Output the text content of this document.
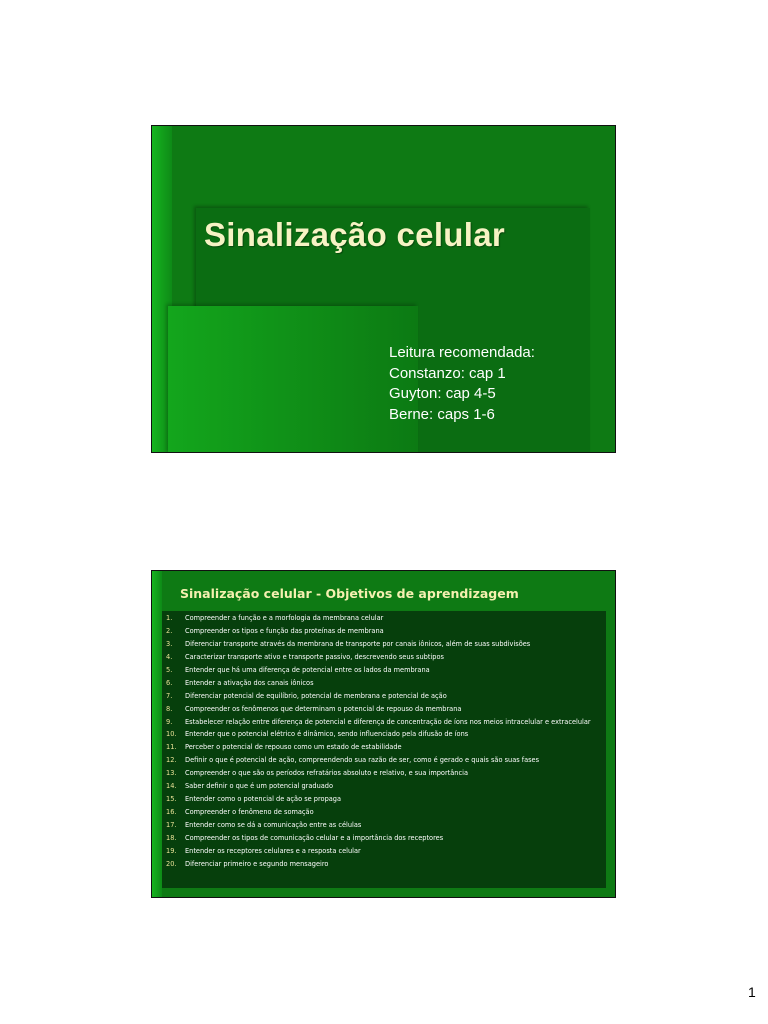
Sinalização celular
Leitura recomendada:
Constanzo: cap 1
Guyton: cap 4-5
Berne: caps 1-6
Sinalização celular - Objetivos de aprendizagem
1.	Compreender a função e a morfologia da membrana celular
2.	Compreender os tipos e função das proteínas de membrana
3.	Diferenciar transporte através da membrana de transporte por canais iônicos, além de suas subdivisões
4.	Caracterizar transporte ativo e transporte passivo, descrevendo seus subtipos
5.	Entender que há uma diferença de potencial entre os lados da membrana
6.	Entender a ativação dos canais iônicos
7.	Diferenciar potencial de equilíbrio, potencial de membrana e potencial de ação
8.	Compreender os fenômenos que determinam o potencial de repouso da membrana
9.	Estabelecer relação entre diferença de potencial e diferença de concentração de íons nos meios intracelular e extracelular
10.	Entender que o potencial elétrico é dinâmico, sendo influenciado pela difusão de íons
11.	Perceber o potencial de repouso como um estado de estabilidade
12.	Definir o que é potencial de ação, compreendendo sua razão de ser, como é gerado e quais são suas fases
13.	Compreender o que são os períodos refratários absoluto e relativo, e sua importância
14.	Saber definir o que é um potencial graduado
15.	Entender como o potencial de ação se propaga
16.	Compreender o fenômeno de somação
17.	Entender como se dá a comunicação entre as células
18.	Compreender os tipos de comunicação celular e a importância dos receptores
19.	Entender os receptores celulares e a resposta celular
20.	Diferenciar primeiro e segundo mensageiro
1
